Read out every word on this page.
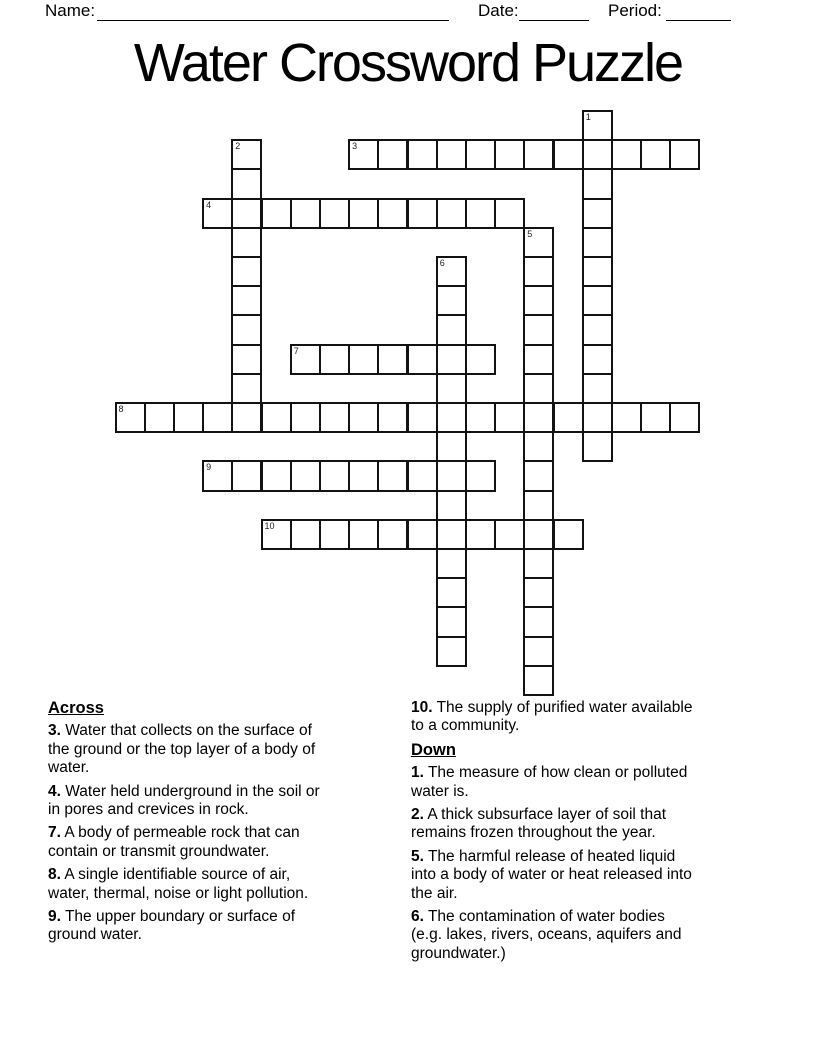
Name:	Date:	Period:
Water Crossword Puzzle
1
2	3
4
5
6
7
8
9
10
Across
3. Water that collects on the surface of
the ground or the top layer of a body of
water.
4. Water held underground in the soil or
in pores and crevices in rock.
7. A body of permeable rock that can
contain or transmit groundwater.
8. A single identifiable source of air,
water, thermal, noise or light pollution.
9. The upper boundary or surface of
ground water.
10. The supply of purified water available
to a community.
Down
1. The measure of how clean or polluted
water is.
2. A thick subsurface layer of soil that
remains frozen throughout the year.
5. The harmful release of heated liquid
into a body of water or heat released into
the air.
6. The contamination of water bodies
(e.g. lakes, rivers, oceans, aquifers and
groundwater.)
